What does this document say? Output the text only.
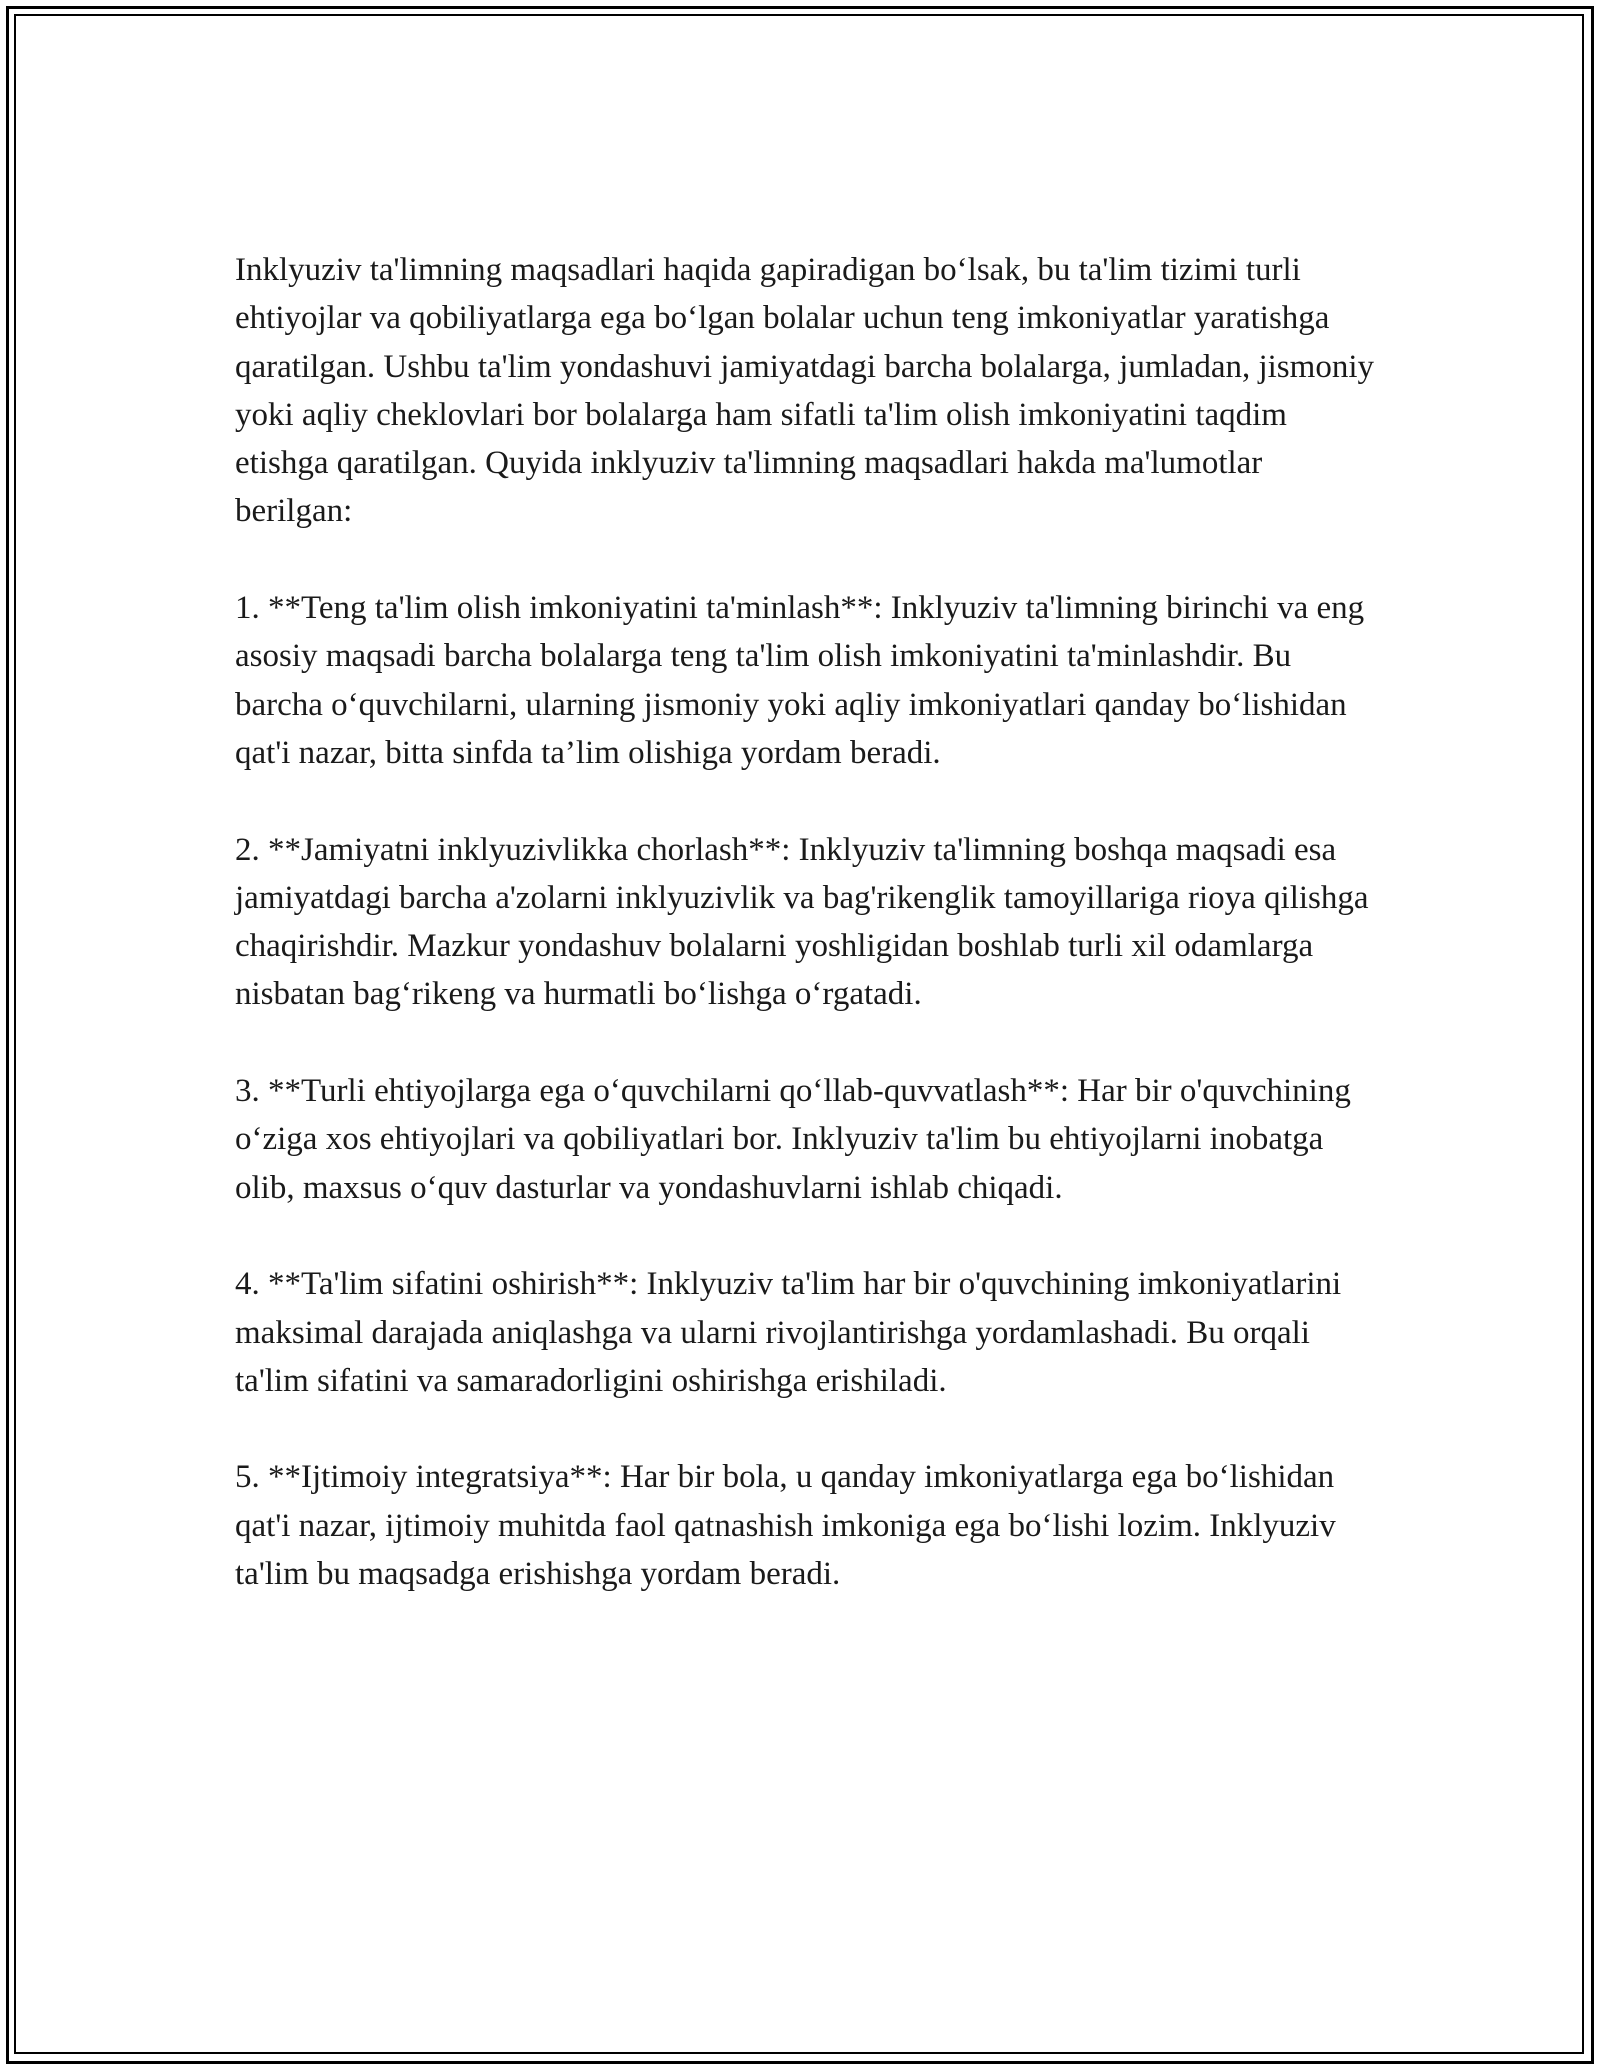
Inklyuziv ta'limning maqsadlari haqida gapiradigan bo‘lsak, bu ta'lim tizimi turli ehtiyojlar va qobiliyatlarga ega bo‘lgan bolalar uchun teng imkoniyatlar yaratishga qaratilgan. Ushbu ta'lim yondashuvi jamiyatdagi barcha bolalarga, jumladan, jismoniy yoki aqliy cheklovlari bor bolalarga ham sifatli ta'lim olish imkoniyatini taqdim etishga qaratilgan. Quyida inklyuziv ta'limning maqsadlari hakda ma'lumotlar berilgan:

1. **Teng ta'lim olish imkoniyatini ta'minlash**: Inklyuziv ta'limning birinchi va eng asosiy maqsadi barcha bolalarga teng ta'lim olish imkoniyatini ta'minlashdir. Bu barcha o‘quvchilarni, ularning jismoniy yoki aqliy imkoniyatlari qanday bo‘lishidan qat'i nazar, bitta sinfda ta’lim olishiga yordam beradi.

2. **Jamiyatni inklyuzivlikka chorlash**: Inklyuziv ta'limning boshqa maqsadi esa jamiyatdagi barcha a'zolarni inklyuzivlik va bag'rikenglik tamoyillariga rioya qilishga chaqirishdir. Mazkur yondashuv bolalarni yoshligidan boshlab turli xil odamlarga nisbatan bag‘rikeng va hurmatli bo‘lishga o‘rgatadi.

3. **Turli ehtiyojlarga ega o‘quvchilarni qo‘llab-quvvatlash**: Har bir o'quvchining o‘ziga xos ehtiyojlari va qobiliyatlari bor. Inklyuziv ta'lim bu ehtiyojlarni inobatga olib, maxsus o‘quv dasturlar va yondashuvlarni ishlab chiqadi.

4. **Ta'lim sifatini oshirish**: Inklyuziv ta'lim har bir o'quvchining imkoniyatlarini maksimal darajada aniqlashga va ularni rivojlantirishga yordamlashadi. Bu orqali ta'lim sifatini va samaradorligini oshirishga erishiladi.

5. **Ijtimoiy integratsiya**: Har bir bola, u qanday imkoniyatlarga ega bo‘lishidan qat'i nazar, ijtimoiy muhitda faol qatnashish imkoniga ega bo‘lishi lozim. Inklyuziv ta'lim bu maqsadga erishishga yordam beradi.
